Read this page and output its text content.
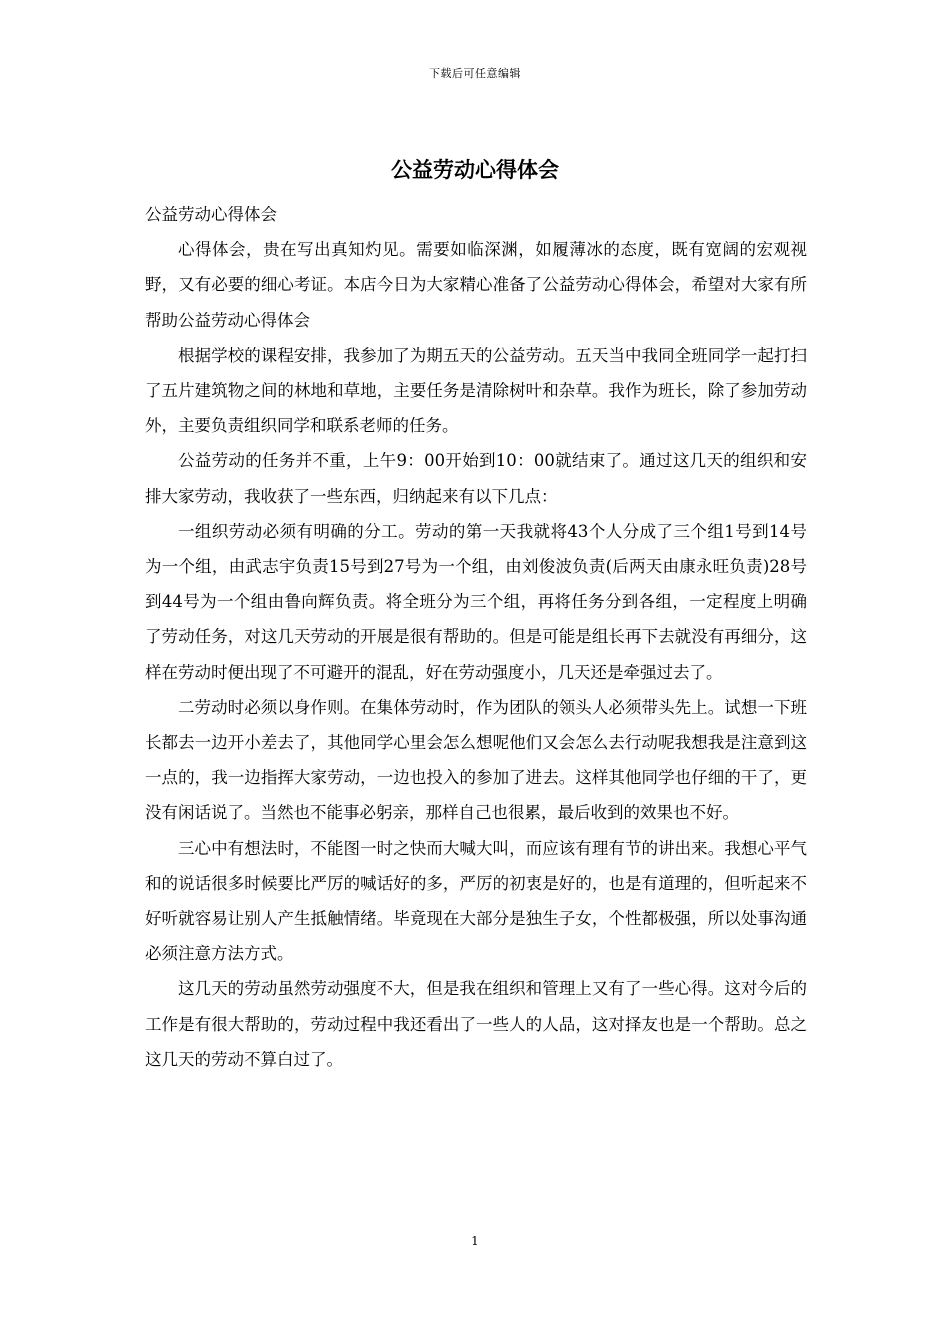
下载后可任意编辑
公益劳动心得体会

公益劳动心得体会

心得体会，贵在写出真知灼见。需要如临深渊，如履薄冰的态度，既有宽阔的宏观视野，又有必要的细心考证。本店今日为大家精心准备了公益劳动心得体会，希望对大家有所帮助公益劳动心得体会

根据学校的课程安排，我参加了为期五天的公益劳动。五天当中我同全班同学一起打扫了五片建筑物之间的林地和草地，主要任务是清除树叶和杂草。我作为班长，除了参加劳动外，主要负责组织同学和联系老师的任务。

公益劳动的任务并不重，上午9：00开始到10：00就结束了。通过这几天的组织和安排大家劳动，我收获了一些东西，归纳起来有以下几点：

一组织劳动必须有明确的分工。劳动的第一天我就将43个人分成了三个组1号到14号为一个组，由武志宇负责15号到27号为一个组，由刘俊波负责(后两天由康永旺负责)28号到44号为一个组由鲁向辉负责。将全班分为三个组，再将任务分到各组，一定程度上明确了劳动任务，对这几天劳动的开展是很有帮助的。但是可能是组长再下去就没有再细分，这样在劳动时便出现了不可避开的混乱，好在劳动强度小，几天还是牵强过去了。

二劳动时必须以身作则。在集体劳动时，作为团队的领头人必须带头先上。试想一下班长都去一边开小差去了，其他同学心里会怎么想呢他们又会怎么去行动呢我想我是注意到这一点的，我一边指挥大家劳动，一边也投入的参加了进去。这样其他同学也仔细的干了，更没有闲话说了。当然也不能事必躬亲，那样自己也很累，最后收到的效果也不好。

三心中有想法时，不能图一时之快而大喊大叫，而应该有理有节的讲出来。我想心平气和的说话很多时候要比严厉的喊话好的多，严厉的初衷是好的，也是有道理的，但听起来不好听就容易让别人产生抵触情绪。毕竟现在大部分是独生子女，个性都极强，所以处事沟通必须注意方法方式。

这几天的劳动虽然劳动强度不大，但是我在组织和管理上又有了一些心得。这对今后的工作是有很大帮助的，劳动过程中我还看出了一些人的人品，这对择友也是一个帮助。总之这几天的劳动不算白过了。

1
